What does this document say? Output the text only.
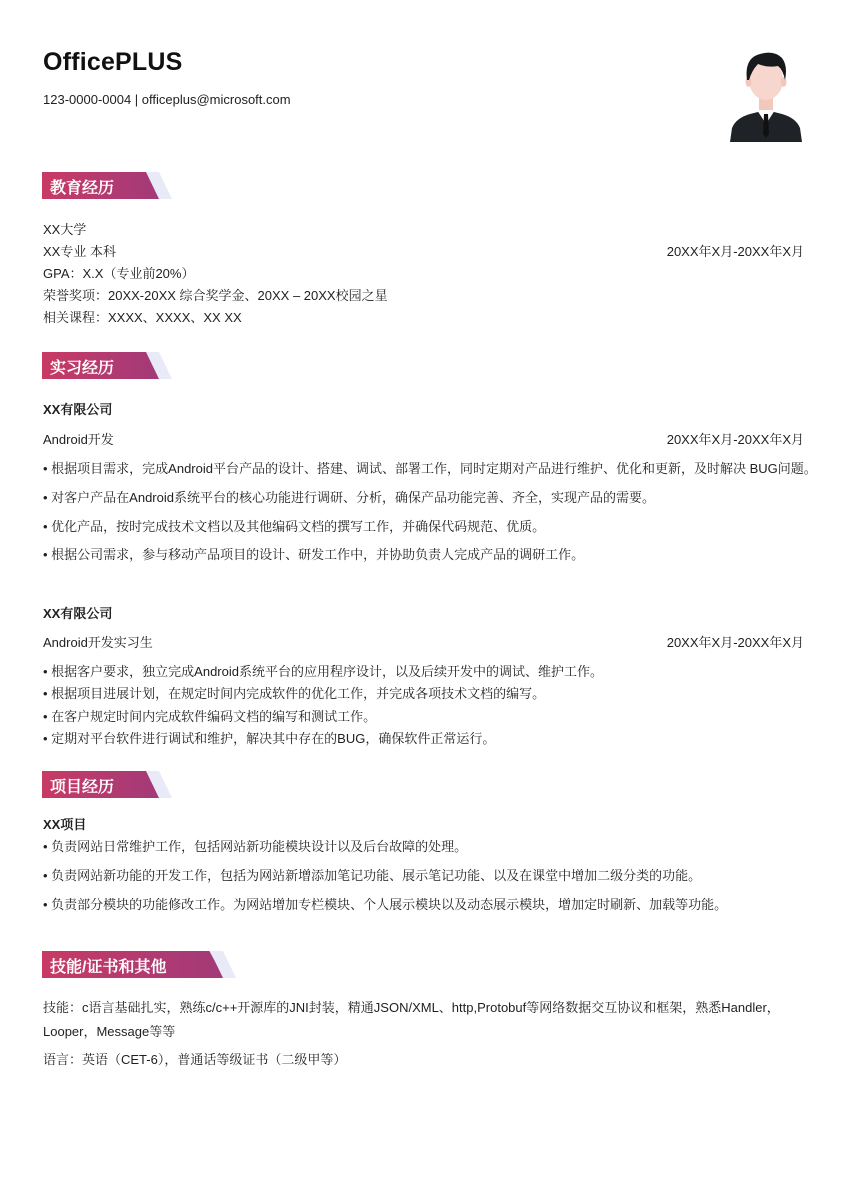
OfficePLUS
123-0000-0004 | officeplus@microsoft.com
教育经历
XX大学
XX专业 本科	20XX年X月-20XX年X月
GPA：X.X（专业前20%）
荣誉奖项：20XX-20XX 综合奖学金、20XX – 20XX校园之星
相关课程：XXXX、XXXX、XX XX
实习经历
XX有限公司
Android开发	20XX年X月-20XX年X月
• 根据项目需求，完成Android平台产品的设计、搭建、调试、部署工作，同时定期对产品进行维护、优化和更新，及时解决 BUG问题。
• 对客户产品在Android系统平台的核心功能进行调研、分析，确保产品功能完善、齐全，实现产品的需要。
• 优化产品，按时完成技术文档以及其他编码文档的撰写工作，并确保代码规范、优质。
• 根据公司需求，参与移动产品项目的设计、研发工作中，并协助负责人完成产品的调研工作。
XX有限公司
Android开发实习生	20XX年X月-20XX年X月
• 根据客户要求，独立完成Android系统平台的应用程序设计，以及后续开发中的调试、维护工作。
• 根据项目进展计划，在规定时间内完成软件的优化工作，并完成各项技术文档的编写。
• 在客户规定时间内完成软件编码文档的编写和测试工作。
• 定期对平台软件进行调试和维护，解决其中存在的BUG，确保软件正常运行。
项目经历
XX项目
• 负责网站日常维护工作，包括网站新功能模块设计以及后台故障的处理。
• 负责网站新功能的开发工作，包括为网站新增添加笔记功能、展示笔记功能、以及在课堂中增加二级分类的功能。
• 负责部分模块的功能修改工作。为网站增加专栏模块、个人展示模块以及动态展示模块，增加定时刷新、加载等功能。
技能/证书和其他
技能：c语言基础扎实，熟练c/c++开源库的JNI封装，精通JSON/XML、http,Protobuf等网络数据交互协议和框架，熟悉Handler，
Looper，Message等等
语言：英语（CET-6），普通话等级证书（二级甲等）
